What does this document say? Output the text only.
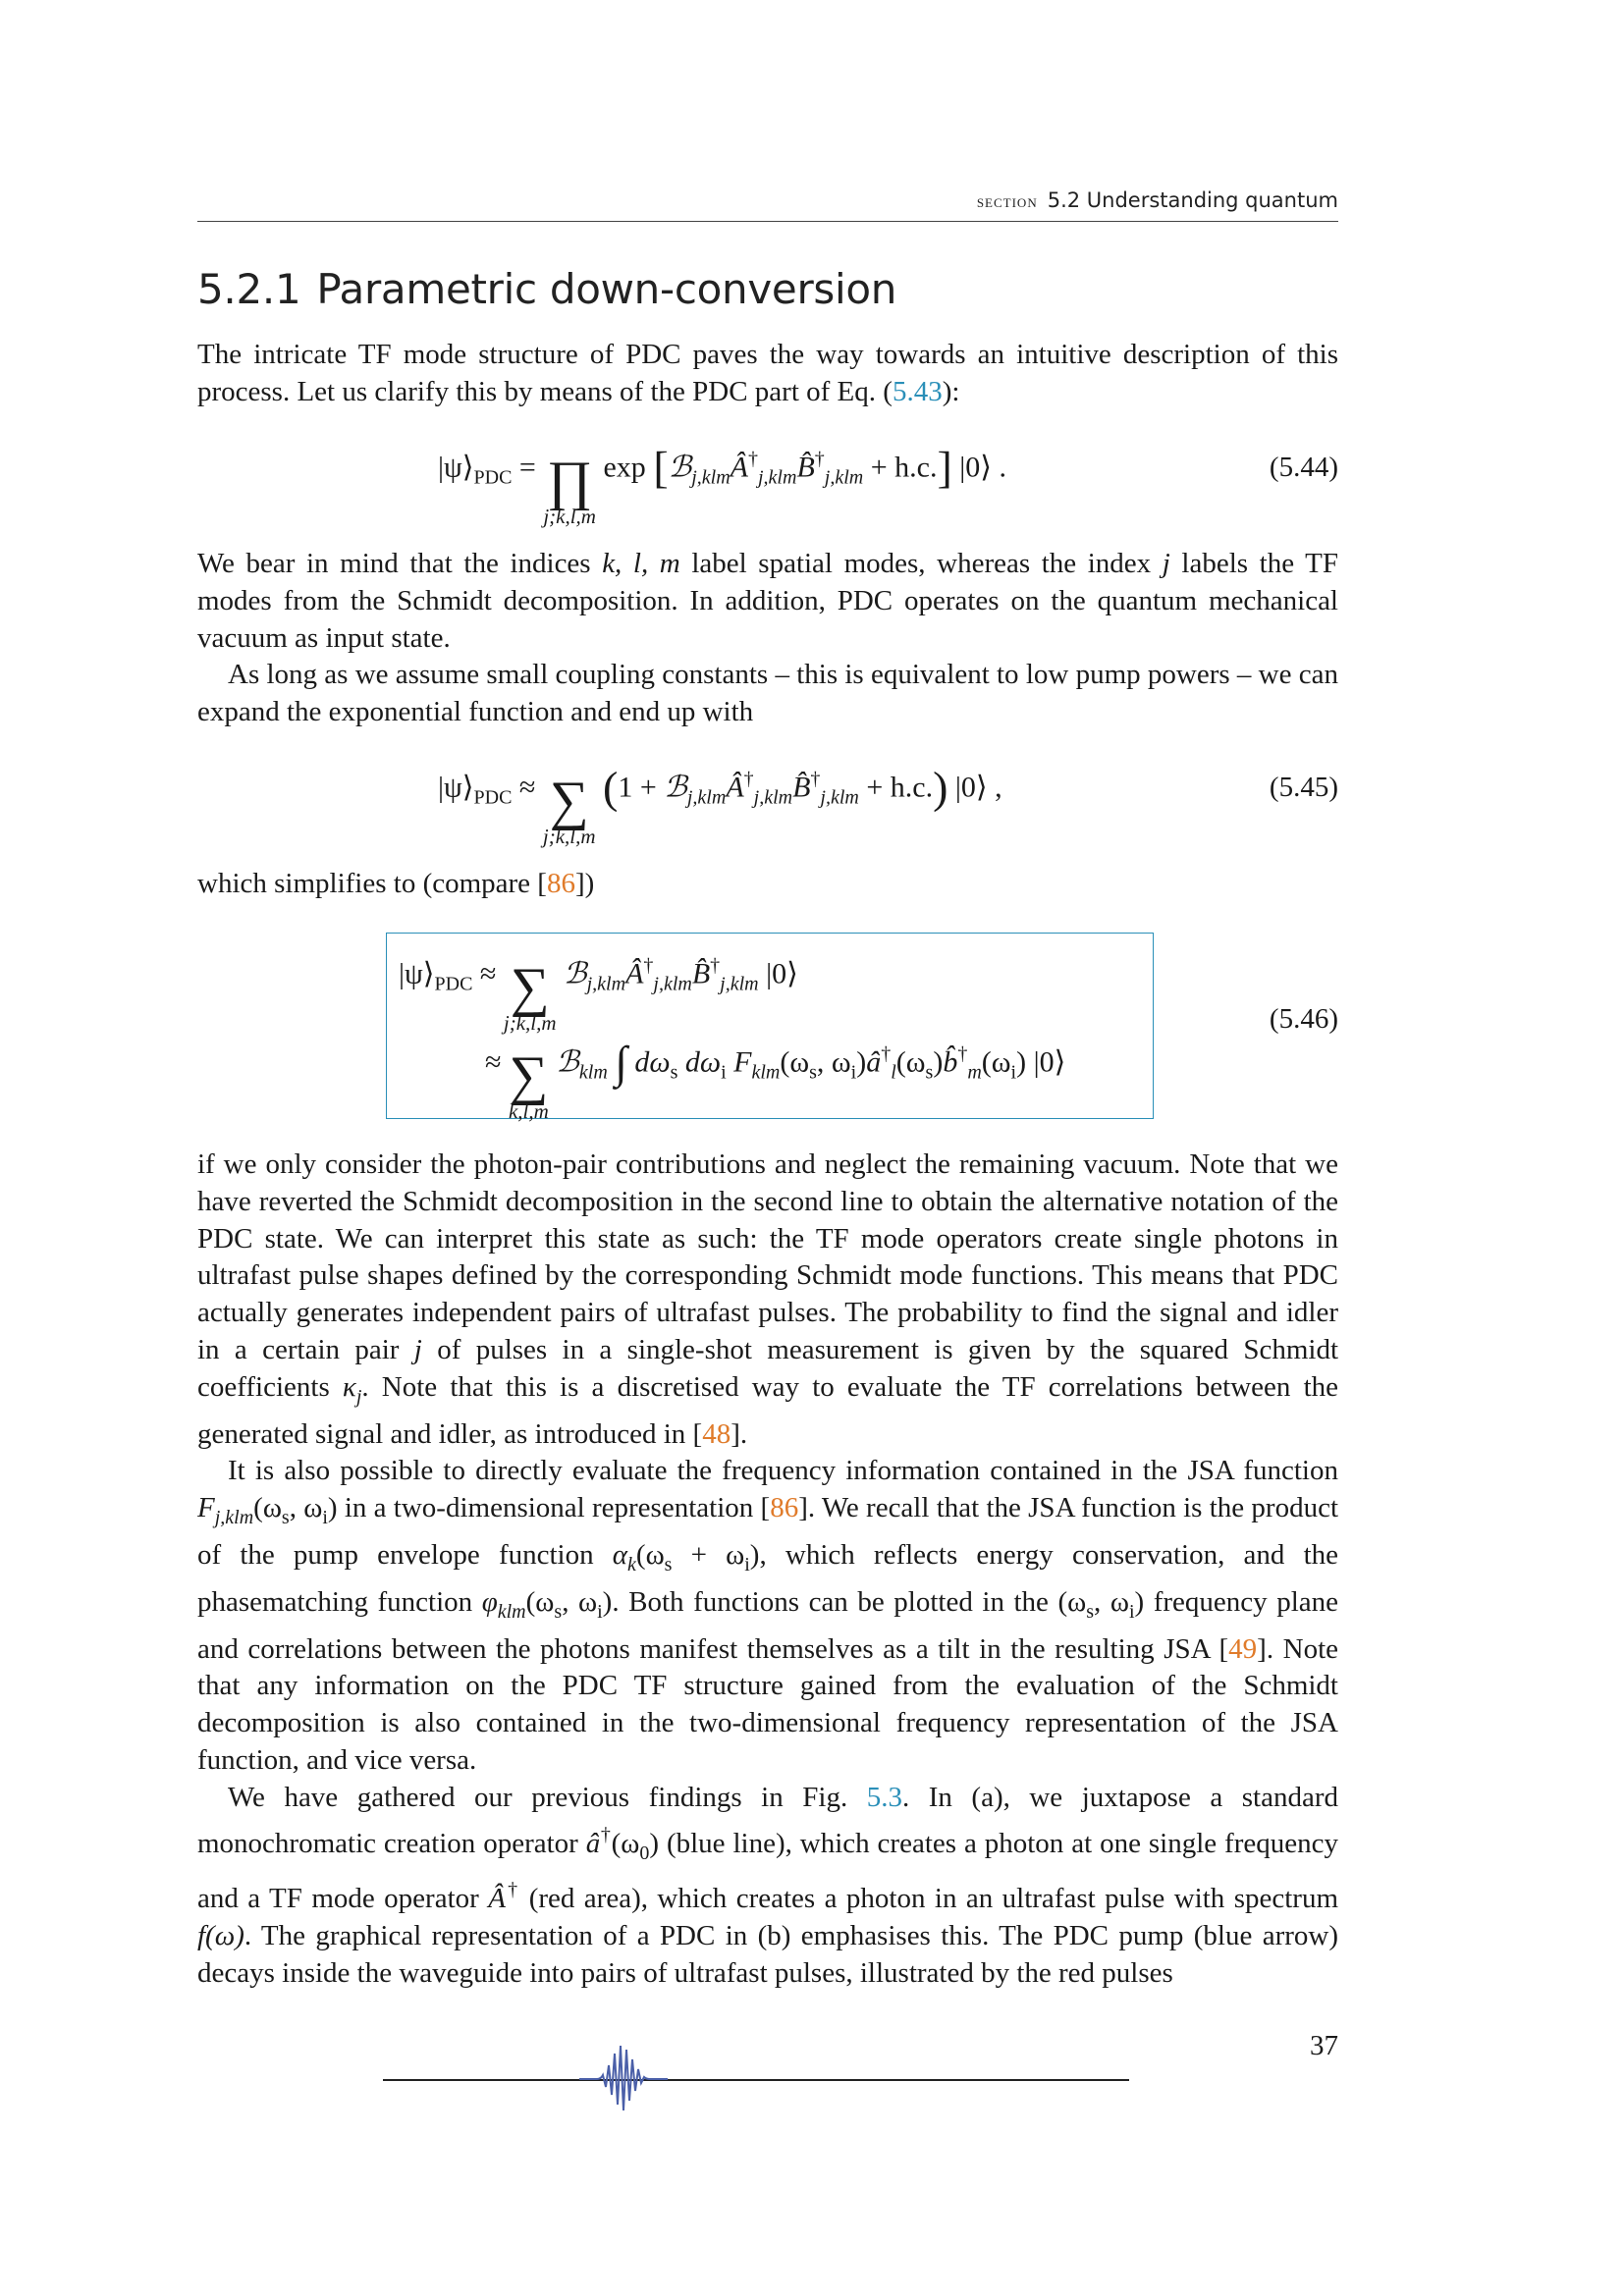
section 5.2 Understanding quantum
5.2.1 Parametric down-conversion

The intricate TF mode structure of PDC paves the way towards an intuitive description of this process. Let us clarify this by means of the PDC part of Eq. (5.43):

$|\psi⟩_{PDC}$ = ∏
j;k,l,m
$\exp [ℬ_{j,klm}Â^\dagger_{j,klm}B̂^\dagger_{j,klm} + h.c.]$ |0⟩ .	(5.44)

We bear in mind that the indices k, l, m label spatial modes, whereas the index j labels the TF modes from the Schmidt decomposition. In addition, PDC operates on the quantum mechanical vacuum as input state.

As long as we assume small coupling constants – this is equivalent to low pump powers – we can expand the exponential function and end up with

$|\psi⟩_{PDC}$ ≈ ∑
j;k,l,m
$(1 + ℬ_{j,klm}Â^\dagger_{j,klm}B̂^\dagger_{j,klm} + h.c.)$ |0⟩ ,	(5.45)

which simplifies to (compare [86])

$|\psi⟩_{PDC}$ ≈ ∑
j;k,l,m
$ℬ_{j,klm}Â^\dagger_{j,klm}B̂^\dagger_{j,klm}$ |0⟩
≈ ∑
k,l,m
ℬ$_{klm}$ ∫ $d\omega_s$ $d\omega_i$ $F_{klm}(\omega_s$, $\omega_i)â^\dagger_l(\omega_s)b̂^\dagger_m(\omega_i)$ |0⟩
(5.46)

if we only consider the photon-pair contributions and neglect the remaining vacuum. Note that we have reverted the Schmidt decomposition in the second line to obtain the alternative notation of the PDC state. We can interpret this state as such: the TF mode operators create single photons in ultrafast pulse shapes defined by the corresponding Schmidt mode functions. This means that PDC actually generates independent pairs of ultrafast pulses. The probability to find the signal and idler in a certain pair j of pulses in a single-shot measurement is given by the squared Schmidt coefficients $\kappa_j$. Note that this is a discretised way to evaluate the TF correlations between the generated signal and idler, as introduced in [48].

It is also possible to directly evaluate the frequency information contained in the JSA function $F_{j,klm}(\omega_s$, $\omega_i$) in a two-dimensional representation [86]. We recall that the JSA function is the product of the pump envelope function $\alpha_k(\omega_s + \omega_i)$, which reflects energy conservation, and the phasematching function $\varphi_{klm}(\omega_s$, $\omega_i$). Both functions can be plotted in the ($\omega_s$, $\omega_i$) frequency plane and correlations between the photons manifest themselves as a tilt in the resulting JSA [49]. Note that any information on the PDC TF structure gained from the evaluation of the Schmidt decomposition is also contained in the two-dimensional frequency representation of the JSA function, and vice versa.

We have gathered our previous findings in Fig. 5.3. In (a), we juxtapose a standard monochromatic creation operator $â^\dagger(\omega_0)$ (blue line), which creates a photon at one single frequency and a TF mode operator Â† (red area), which creates a photon in an ultrafast pulse with spectrum f(ω). The graphical representation of a PDC in (b) emphasises this. The PDC pump (blue arrow) decays inside the waveguide into pairs of ultrafast pulses, illustrated by the red pulses

37
